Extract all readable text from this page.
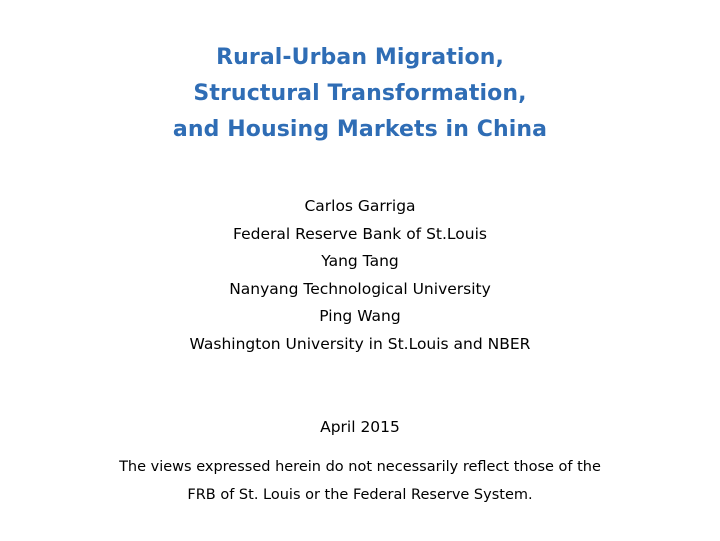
Rural-Urban Migration,
Structural Transformation,
and Housing Markets in China
Carlos Garriga
Federal Reserve Bank of St.Louis
Yang Tang
Nanyang Technological University
Ping Wang
Washington University in St.Louis and NBER
April 2015
The views expressed herein do not necessarily reflect those of the
FRB of St. Louis or the Federal Reserve System.
